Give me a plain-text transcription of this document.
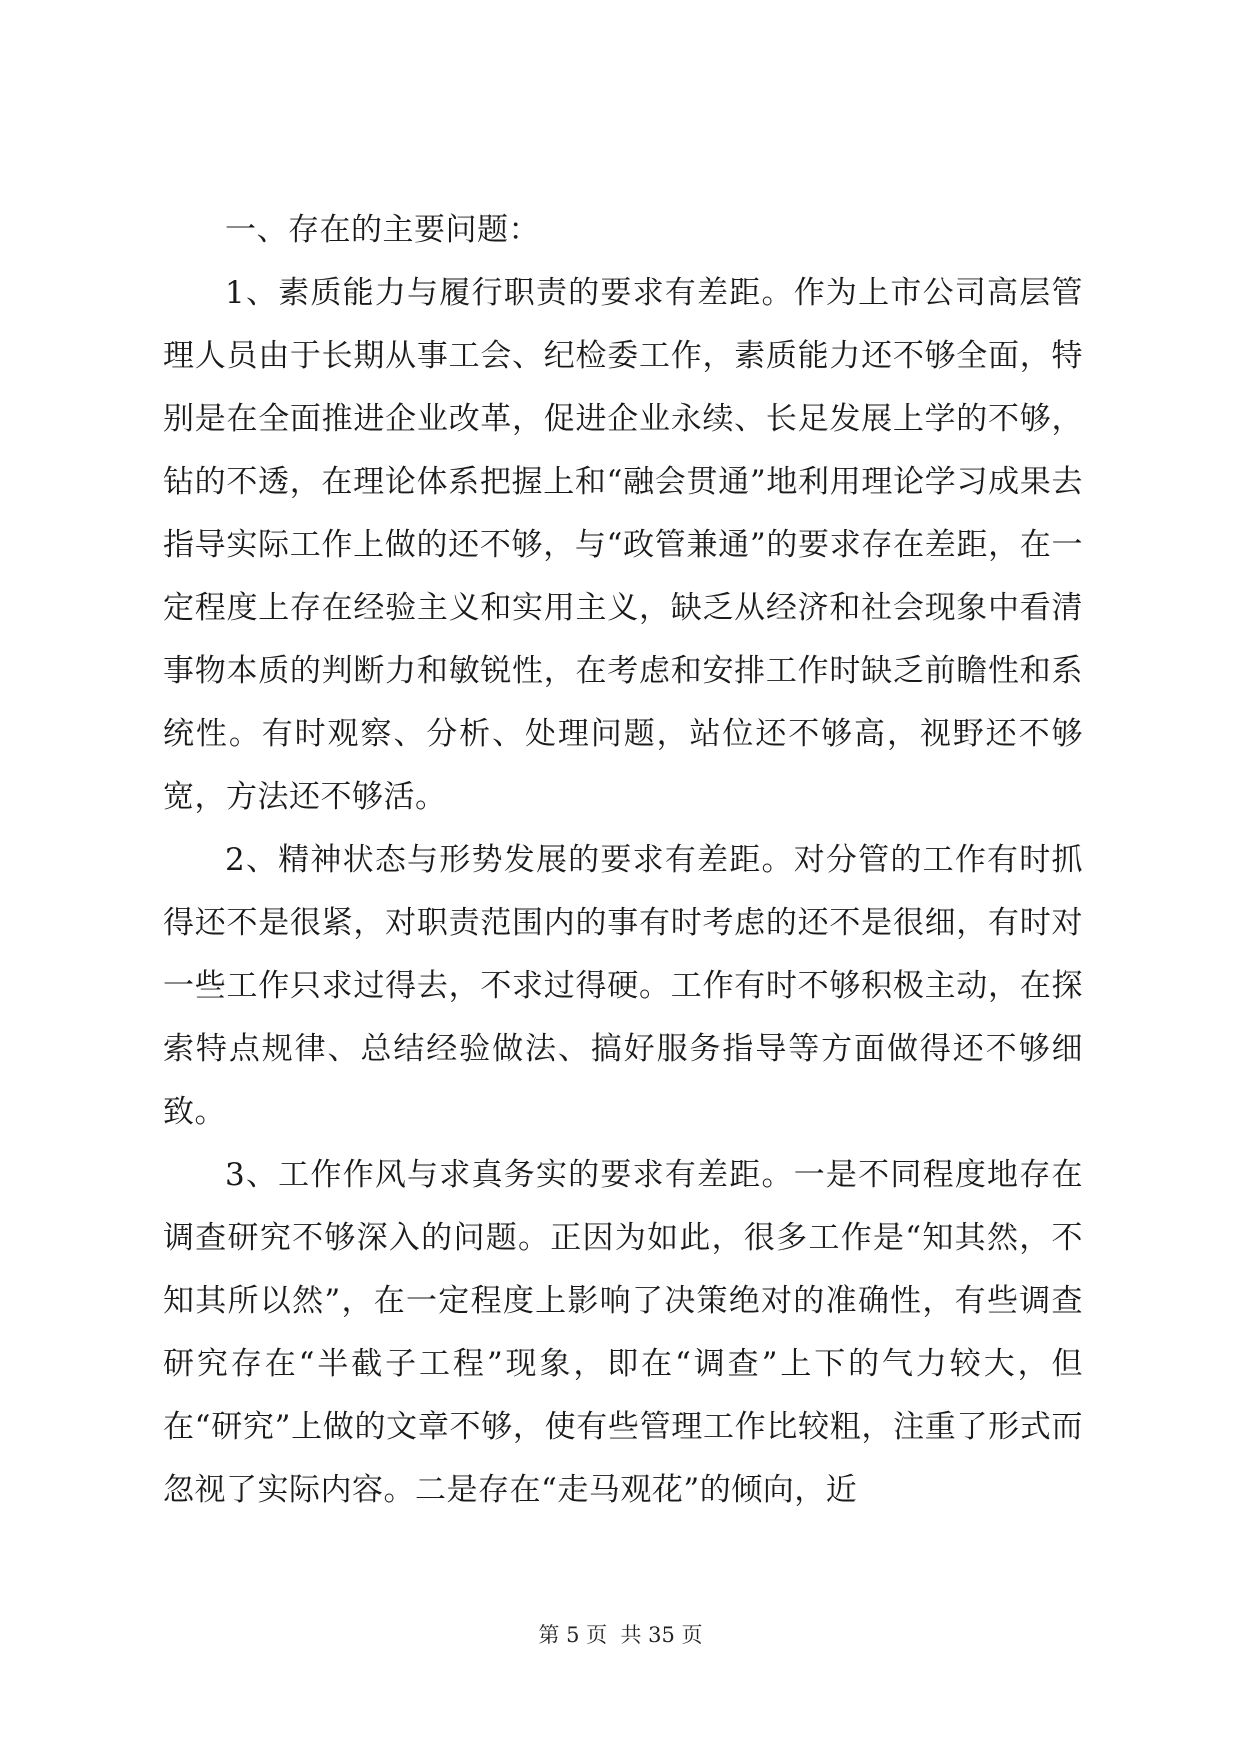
一、存在的主要问题：

1、素质能力与履行职责的要求有差距。作为上市公司高层管理人员由于长期从事工会、纪检委工作，素质能力还不够全面，特别是在全面推进企业改革，促进企业永续、长足发展上学的不够，钻的不透，在理论体系把握上和“融会贯通”地利用理论学习成果去指导实际工作上做的还不够，与“政管兼通”的要求存在差距，在一定程度上存在经验主义和实用主义，缺乏从经济和社会现象中看清事物本质的判断力和敏锐性，在考虑和安排工作时缺乏前瞻性和系统性。有时观察、分析、处理问题，站位还不够高，视野还不够宽，方法还不够活。

2、精神状态与形势发展的要求有差距。对分管的工作有时抓得还不是很紧，对职责范围内的事有时考虑的还不是很细，有时对一些工作只求过得去，不求过得硬。工作有时不够积极主动，在探索特点规律、总结经验做法、搞好服务指导等方面做得还不够细致。

3、工作作风与求真务实的要求有差距。一是不同程度地存在调查研究不够深入的问题。正因为如此，很多工作是“知其然，不知其所以然”，在一定程度上影响了决策绝对的准确性，有些调查研究存在“半截子工程”现象，即在“调查”上下的气力较大，但在“研究”上做的文章不够，使有些管理工作比较粗，注重了形式而忽视了实际内容。二是存在“走马观花”的倾向，近

第 5 页  共 35 页
